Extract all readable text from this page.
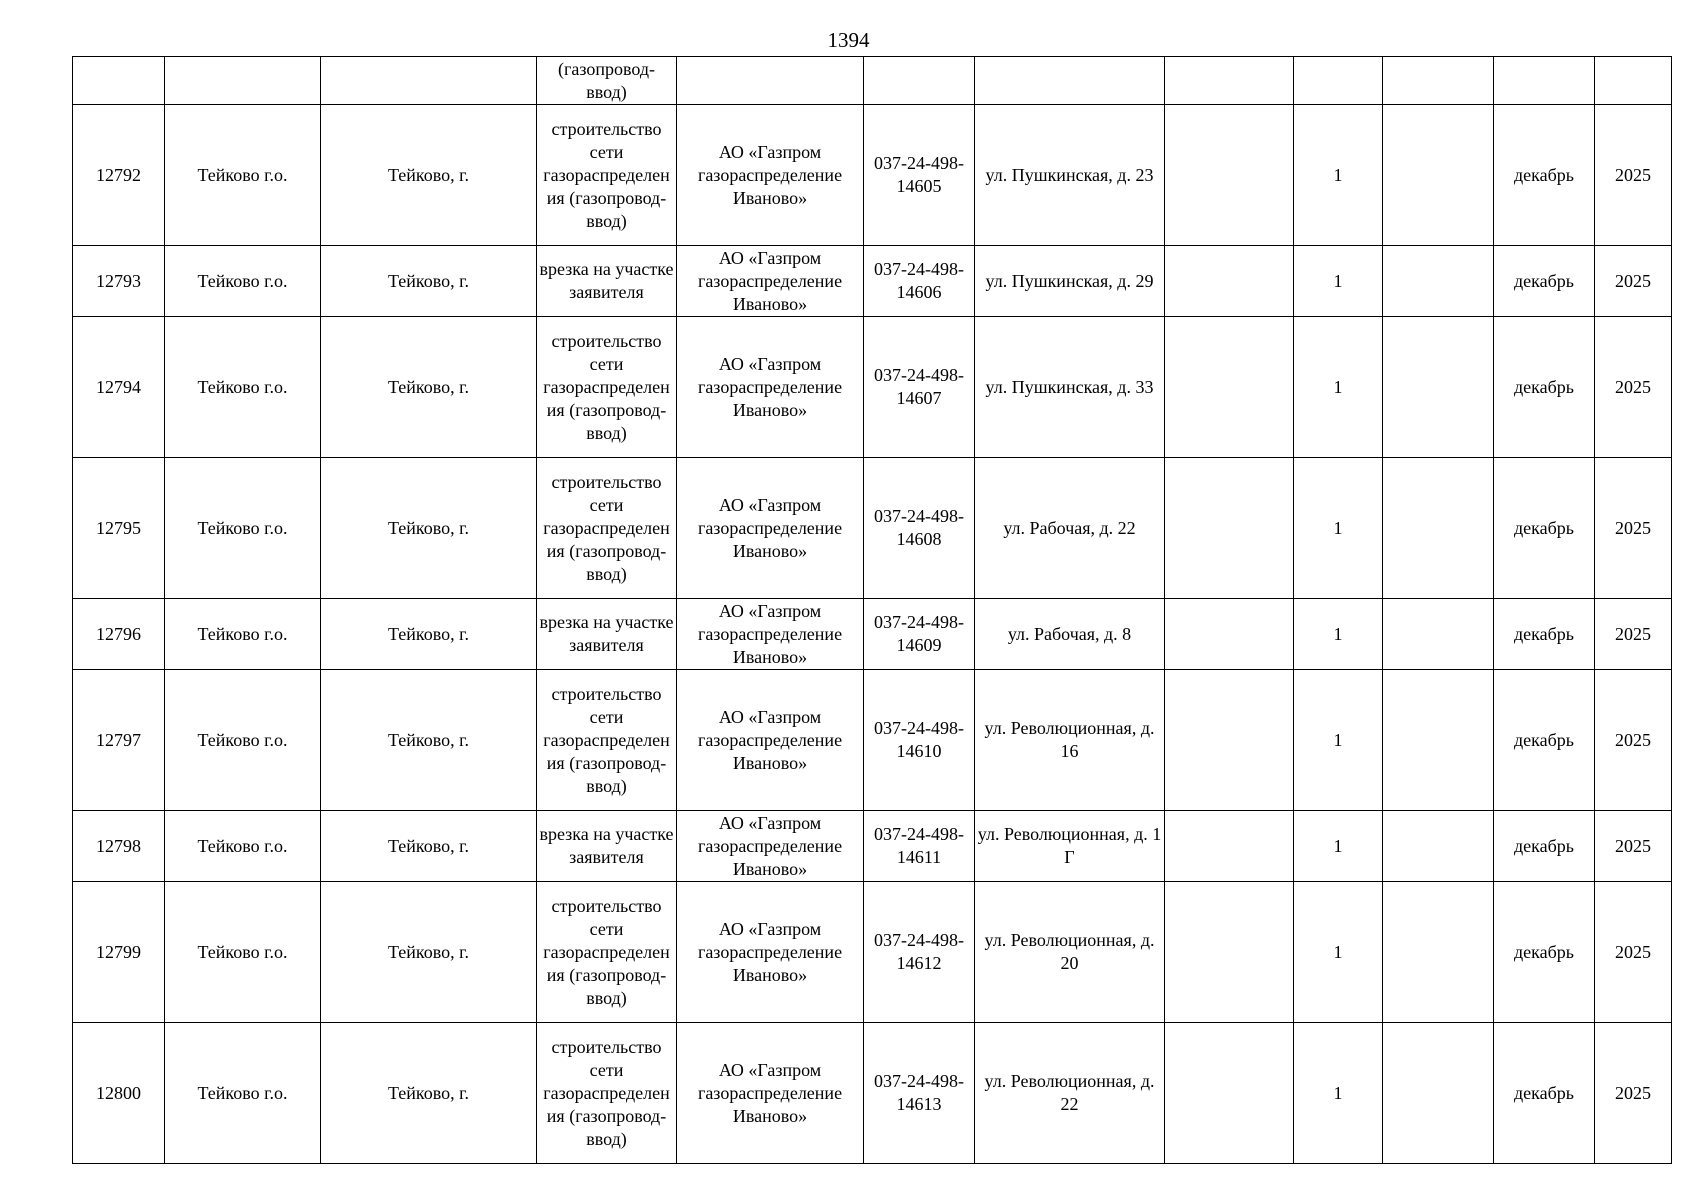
1394
			(газопровод-ввод)								
12792	Тейково г.о.	Тейково, г.	строительство сети газораспределения (газопровод-ввод)	АО «Газпром газораспределение Иваново»	037-24-498-14605	ул. Пушкинская, д. 23		1		декабрь	2025
12793	Тейково г.о.	Тейково, г.	врезка на участке заявителя	АО «Газпром газораспределение Иваново»	037-24-498-14606	ул. Пушкинская, д. 29		1		декабрь	2025
12794	Тейково г.о.	Тейково, г.	строительство сети газораспределения (газопровод-ввод)	АО «Газпром газораспределение Иваново»	037-24-498-14607	ул. Пушкинская, д. 33		1		декабрь	2025
12795	Тейково г.о.	Тейково, г.	строительство сети газораспределения (газопровод-ввод)	АО «Газпром газораспределение Иваново»	037-24-498-14608	ул. Рабочая, д. 22		1		декабрь	2025
12796	Тейково г.о.	Тейково, г.	врезка на участке заявителя	АО «Газпром газораспределение Иваново»	037-24-498-14609	ул. Рабочая, д. 8		1		декабрь	2025
12797	Тейково г.о.	Тейково, г.	строительство сети газораспределения (газопровод-ввод)	АО «Газпром газораспределение Иваново»	037-24-498-14610	ул. Революционная, д. 16		1		декабрь	2025
12798	Тейково г.о.	Тейково, г.	врезка на участке заявителя	АО «Газпром газораспределение Иваново»	037-24-498-14611	ул. Революционная, д. 1 Г		1		декабрь	2025
12799	Тейково г.о.	Тейково, г.	строительство сети газораспределения (газопровод-ввод)	АО «Газпром газораспределение Иваново»	037-24-498-14612	ул. Революционная, д. 20		1		декабрь	2025
12800	Тейково г.о.	Тейково, г.	строительство сети газораспределения (газопровод-ввод)	АО «Газпром газораспределение Иваново»	037-24-498-14613	ул. Революционная, д. 22		1		декабрь	2025
